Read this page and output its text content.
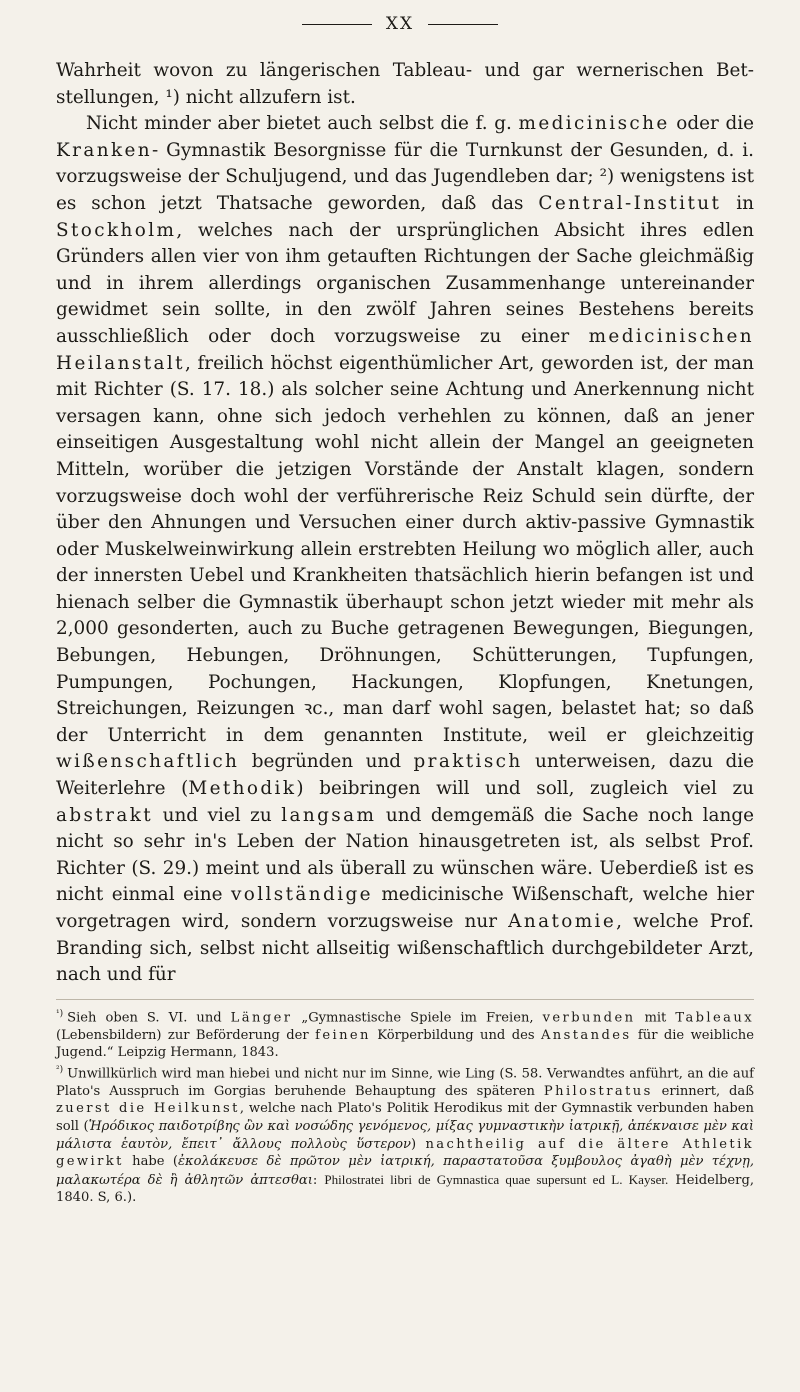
XX

Wahrheit wovon zu längerischen Tableau- und gar wernerischen Bet-stellungen, ¹) nicht allzufern ist.

Nicht minder aber bietet auch selbst die f. g. medicinische oder die Kranken- Gymnastik Besorgnisse für die Turnkunst der Gesunden, d. i. vorzugsweise der Schuljugend, und das Jugendleben dar; ²) wenigstens ist es schon jetzt Thatsache geworden, daß das Central-Institut in Stockholm, welches nach der ursprünglichen Absicht ihres edlen Gründers allen vier von ihm getauften Richtungen der Sache gleichmäßig und in ihrem allerdings organischen Zusammenhange untereinander gewidmet sein sollte, in den zwölf Jahren seines Bestehens bereits ausschließlich oder doch vorzugsweise zu einer medicinischen Heilanstalt, freilich höchst eigenthümlicher Art, geworden ist, der man mit Richter (S. 17. 18.) als solcher seine Achtung und Anerkennung nicht versagen kann, ohne sich jedoch verhehlen zu können, daß an jener einseitigen Ausgestaltung wohl nicht allein der Mangel an geeigneten Mitteln, worüber die jetzigen Vorstände der Anstalt klagen, sondern vorzugsweise doch wohl der verführerische Reiz Schuld sein dürfte, der über den Ahnungen und Versuchen einer durch aktiv-passive Gymnastik oder Muskelweinwirkung allein erstrebten Heilung wo möglich aller, auch der innersten Uebel und Krankheiten thatsächlich hierin befangen ist und hienach selber die Gymnastik überhaupt schon jetzt wieder mit mehr als 2,000 gesonderten, auch zu Buche getragenen Bewegungen, Biegungen, Bebungen, Hebungen, Dröhnungen, Schütterungen, Tupfungen, Pumpungen, Pochungen, Hackungen, Klopfungen, Knetungen, Streichungen, Reizungen ꝛc., man darf wohl sagen, belastet hat; so daß der Unterricht in dem genannten Institute, weil er gleichzeitig wißenschaftlich begründen und praktisch unterweisen, dazu die Weiterlehre (Methodik) beibringen will und soll, zugleich viel zu abstrakt und viel zu langsam und demgemäß die Sache noch lange nicht so sehr in's Leben der Nation hinausgetreten ist, als selbst Prof. Richter (S. 29.) meint und als überall zu wünschen wäre. Ueberdieß ist es nicht einmal eine vollständige medicinische Wißenschaft, welche hier vorgetragen wird, sondern vorzugsweise nur Anatomie, welche Prof. Branding sich, selbst nicht allseitig wißenschaftlich durchgebildeter Arzt, nach und für

$^{^1)}$ Sieh oben S. VI. und Länger „Gymnastische Spiele im Freien, verbunden mit Tableaux (Lebensbildern) zur Beförderung der feinen Körperbildung und des Anstandes für die weibliche Jugend.“ Leipzig Hermann, 1843.

$^{^2)}$ Unwillkürlich wird man hiebei und nicht nur im Sinne, wie Ling (S. 58. Verwandtes anführt, an die auf Plato's Ausspruch im Gorgias beruhende Behauptung des späteren Philostratus erinnert, daß zuerst die Heilkunst, welche nach Plato's Politik Herodikus mit der Gymnastik verbunden haben soll (Ἡρόδικος παιδοτρίβης ὢν καὶ νοσώδης γενόμενος, μίξας γυμναστικὴν ἰατρικῇ, ἀπέκναισε μὲν καὶ μάλιστα ἑαυτὸν, ἔπειτ᾽ ἄλλους πολλοὺς ὕστερον) nachtheilig auf die ältere Athletik gewirkt habe (ἐκολάκευσε δὲ πρῶτον μὲν ἰατρική, παραστατοῦσα ξυμβουλος ἀγαθὴ μὲν τέχνῃ, μαλακωτέρα δὲ ἢ ἀθλητῶν ἀπτεσθαι: Philostratei libri de Gymnastica quae supersunt ed L. Kayser. Heidelberg, 1840. S, 6.).
